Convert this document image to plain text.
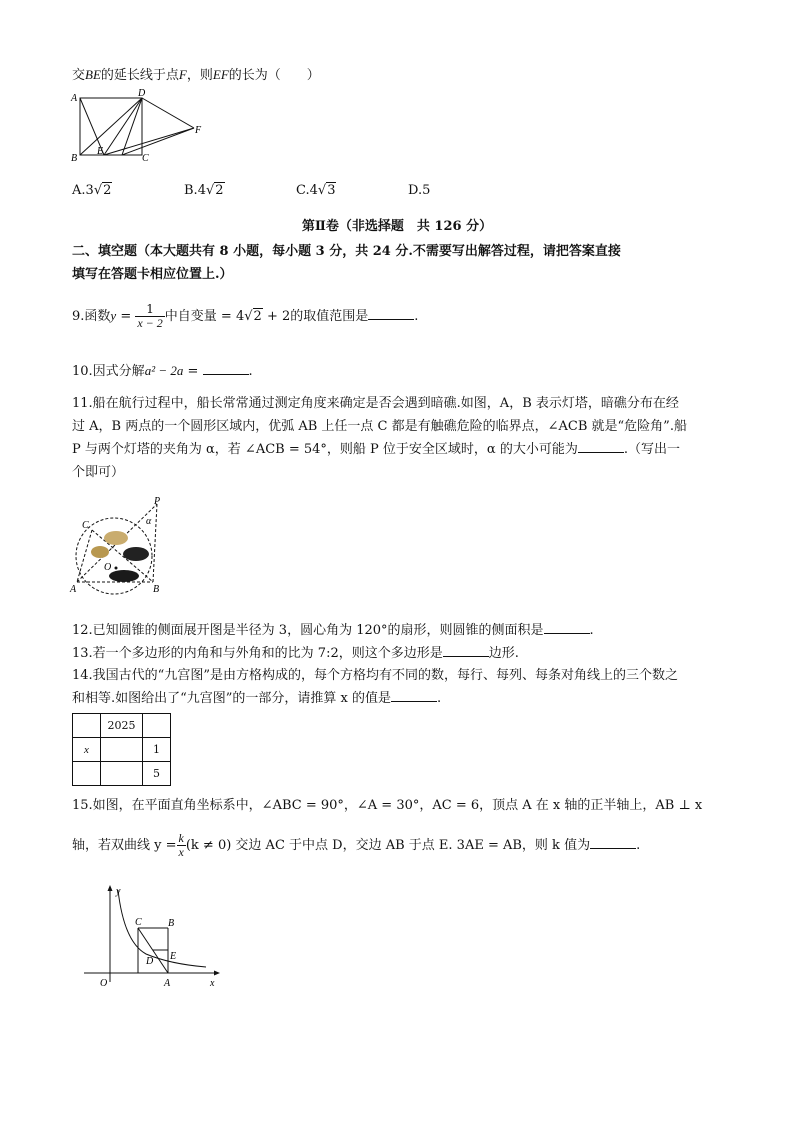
交BE的延长线于点F，则EF的长为（　　）
A	D
B	C
E
F
A.3√2	B.4√2	C.4√3	D.5
第Ⅱ卷（非选择题　共 126 分）
二、填空题（本大题共有 8 小题，每小题 3 分，共 24 分.不需要写出解答过程，请把答案直接
填写在答题卡相应位置上.）
9.函数$y = \frac{1}{x - 2}$ 中自变量 = 4√2 + 2的取值范围是	.
10.因式分解a² − 2a =	.
11.船在航行过程中，船长常常通过测定角度来确定是否会遇到暗礁.如图，A，B 表示灯塔，暗礁分布在经
过 A，B 两点的一个圆形区域内，优弧 AB 上任一点 C 都是有触礁危险的临界点，∠ACB 就是“危险角”.船
P 与两个灯塔的夹角为 α，若 ∠ACB = 54°，则船 P 位于安全区域时，α 的大小可能为	.（写出一
个即可）
P
C	α
O
A	B
12.已知圆锥的侧面展开图是半径为 3，圆心角为 120°的扇形，则圆锥的侧面积是	.
13.若一个多边形的内角和与外角和的比为 7:2，则这个多边形是	边形.
14.我国古代的“九宫图”是由方格构成的，每个方格均有不同的数，每行、每列、每条对角线上的三个数之
和相等.如图给出了“九宫图”的一部分，请推算 x 的值是	.
	2025	
x		1
		5
15.如图，在平面直角坐标系中，∠ABC = 90°，∠A = 30°，AC = 6，顶点 A 在 x 轴的正半轴上，AB ⊥ x
轴，若双曲线 $y = \frac{k}{x} (k \ne 0)$ 交边 AC 于中点 D，交边 AB 于点 E. 3AE = AB，则 k 值为	.
y
x
O	A
B
C
D E
